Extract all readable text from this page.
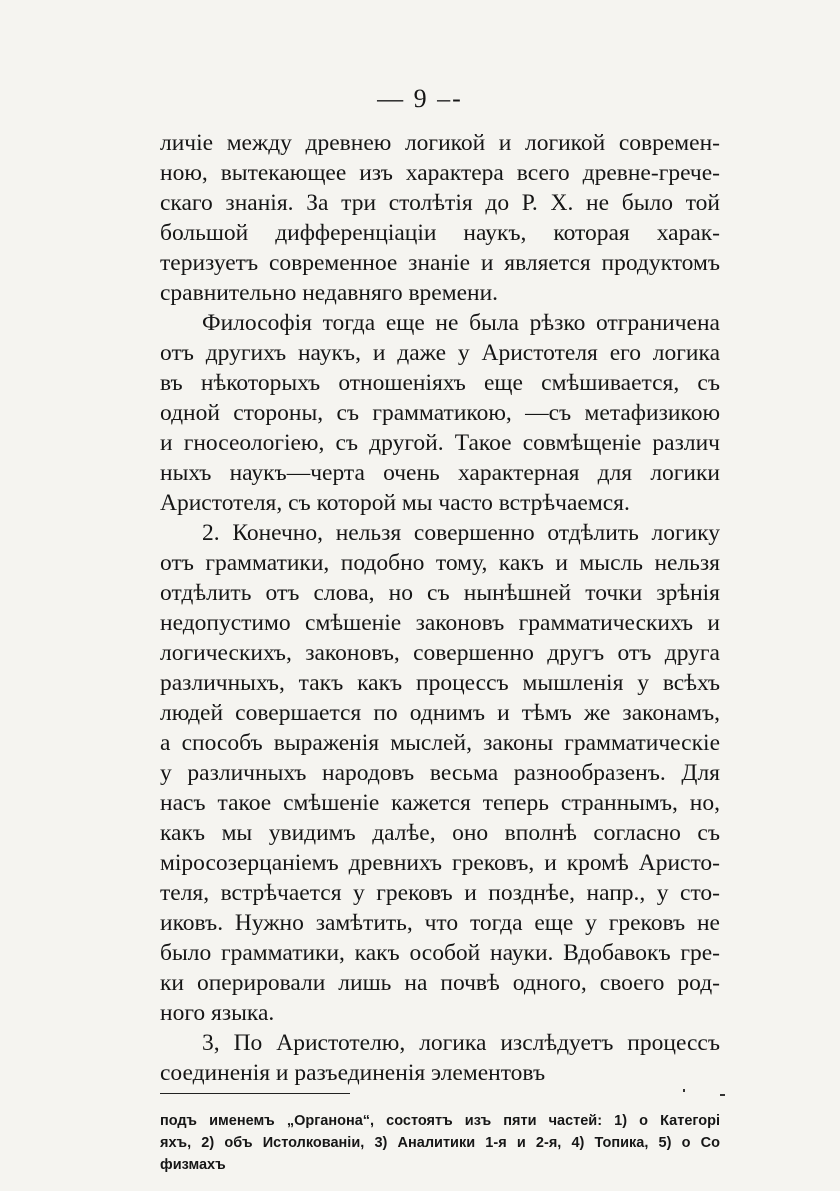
— 9 –-
личie между древнею логикой и логикой современ-
ною, вытекающее изъ характера всего древне-грече-
скаго знанія. За три столѣтія до Р. Х. не было той
большой дифференціаціи наукъ, которая харак-
теризуетъ современное знаніе и является продуктомъ
сравнительно недавняго времени.
Философія тогда еще не была рѣзко отграничена
отъ другихъ наукъ, и даже у Аристотеля его логика
въ нѣкоторыхъ отношеніяхъ еще смѣшивается, съ
одной стороны, съ грамматикою, —съ метафизикою
и гносеологіею, съ другой. Такое совмѣщеніе различ
ныхъ наукъ—черта очень характерная для логики
Аристотеля, съ которой мы часто встрѣчаемся.
2. Конечно, нельзя совершенно отдѣлить логику
отъ грамматики, подобно тому, какъ и мысль нельзя
отдѣлить отъ слова, но съ нынѣшней точки зрѣнія
недопустимо смѣшеніе законовъ грамматическихъ и
логическихъ, законовъ, совершенно другъ отъ друга
различныхъ, такъ какъ процессъ мышленія у всѣхъ
людей совершается по однимъ и тѣмъ же законамъ,
а способъ выраженія мыслей, законы грамматическіе
у различныхъ народовъ весьма разнообразенъ. Для
насъ такое смѣшеніе кажется теперь страннымъ, но,
какъ мы увидимъ далѣе, оно вполнѣ согласно съ
міросозерцаніемъ древнихъ грековъ, и кромѣ Аристо-
теля, встрѣчается у грековъ и позднѣе, напр., у сто-
иковъ. Нужно замѣтить, что тогда еще у грековъ не
было грамматики, какъ особой науки. Вдобавокъ гре-
ки оперировали лишь на почвѣ одного, своего род-
ного языка.
3, По Аристотелю, логика изслѣдуетъ процессъ
соединенія и разъединенія элементовъ
подъ именемъ „Органона“, состоятъ изъ пяти частей: 1) о Категорі
яхъ, 2) объ Истолкованіи, 3) Аналитики 1-я и 2-я, 4) Топика, 5) о Со
физмахъ
